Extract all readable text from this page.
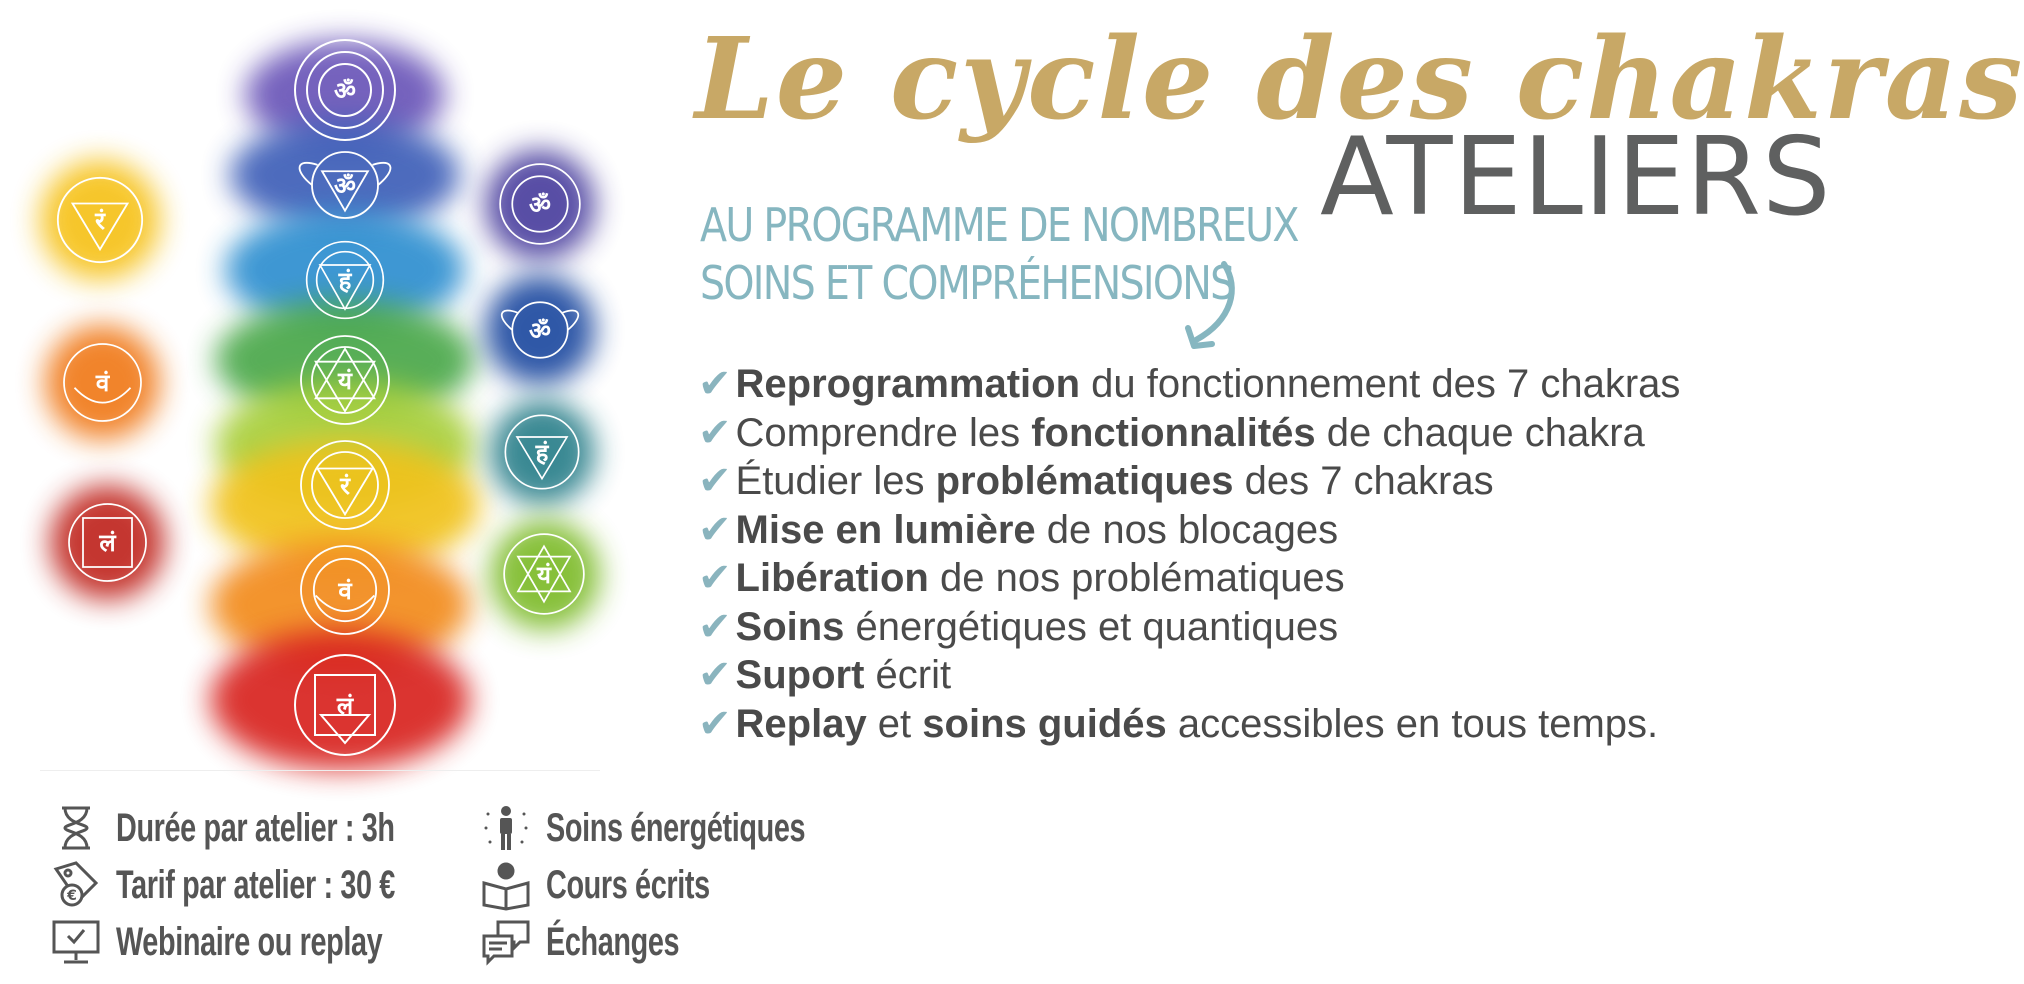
ॐ
ॐ
हं
यं
रं
वं
लं
रं
वं
लं
ॐ
ॐ
हं
यं
Le cycle des chakras
ATELIERS
AU PROGRAMME DE NOMBREUX
SOINS ET COMPRÉHENSIONS
✔ Reprogrammation du fonctionnement des 7 chakras
✔ Comprendre les fonctionnalités de chaque chakra
✔ Étudier les problématiques des 7 chakras
✔ Mise en lumière de nos blocages
✔ Libération de nos problématiques
✔ Soins énergétiques et quantiques
✔ Suport écrit
✔ Replay et soins guidés accessibles en tous temps.
Durée par atelier : 3h
€ Tarif par atelier : 30 €
Webinaire ou replay
Soins énergétiques
Cours écrits
Échanges
